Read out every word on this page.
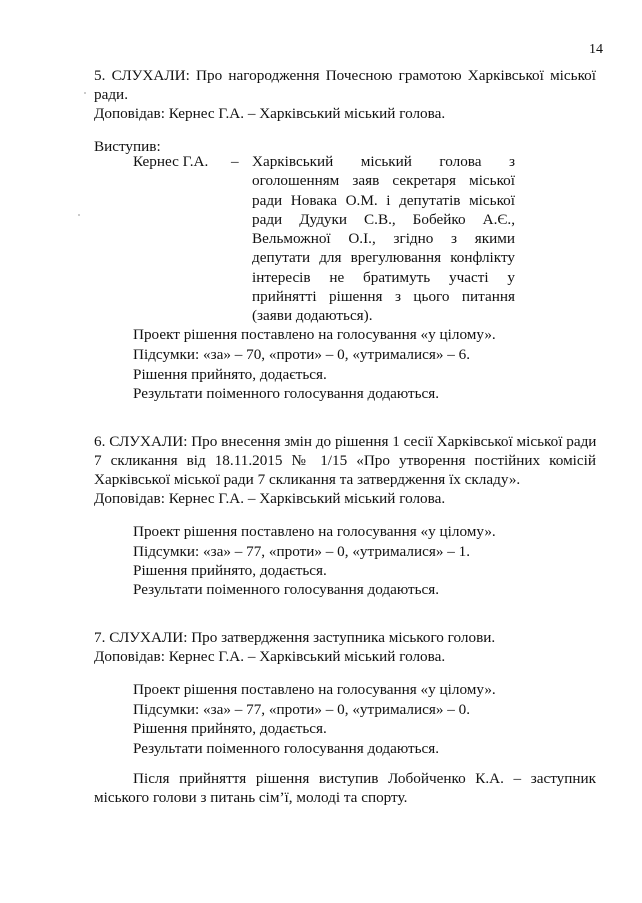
14
5. СЛУХАЛИ: Про нагородження Почесною грамотою Харківської міської
ради.
Доповідав: Кернес Г.А. – Харківський міський голова.
Виступив:
Кернес Г.А. – Харківський міський голова з
оголошенням заяв секретаря міської
ради Новака О.М. і депутатів міської
ради Дудуки С.В., Бобейко А.Є.,
Вельможної О.І., згідно з якими
депутати для врегулювання конфлікту
інтересів не братимуть участі у
прийнятті рішення з цього питання
(заяви додаються).
Проект рішення поставлено на голосування «у цілому».
Підсумки: «за» – 70, «проти» – 0, «утрималися» – 6.
Рішення прийнято, додається.
Результати поіменного голосування додаються.
6. СЛУХАЛИ: Про внесення змін до рішення 1 сесії Харківської міської ради
7 скликання від 18.11.2015 № 1/15 «Про утворення постійних комісій
Харківської міської ради 7 скликання та затвердження їх складу».
Доповідав: Кернес Г.А. – Харківський міський голова.
Проект рішення поставлено на голосування «у цілому».
Підсумки: «за» – 77, «проти» – 0, «утрималися» – 1.
Рішення прийнято, додається.
Результати поіменного голосування додаються.
7. СЛУХАЛИ: Про затвердження заступника міського голови.
Доповідав: Кернес Г.А. – Харківський міський голова.
Проект рішення поставлено на голосування «у цілому».
Підсумки: «за» – 77, «проти» – 0, «утрималися» – 0.
Рішення прийнято, додається.
Результати поіменного голосування додаються.
Після прийняття рішення виступив Лобойченко К.А. – заступник
міського голови з питань сім’ї, молоді та спорту.
